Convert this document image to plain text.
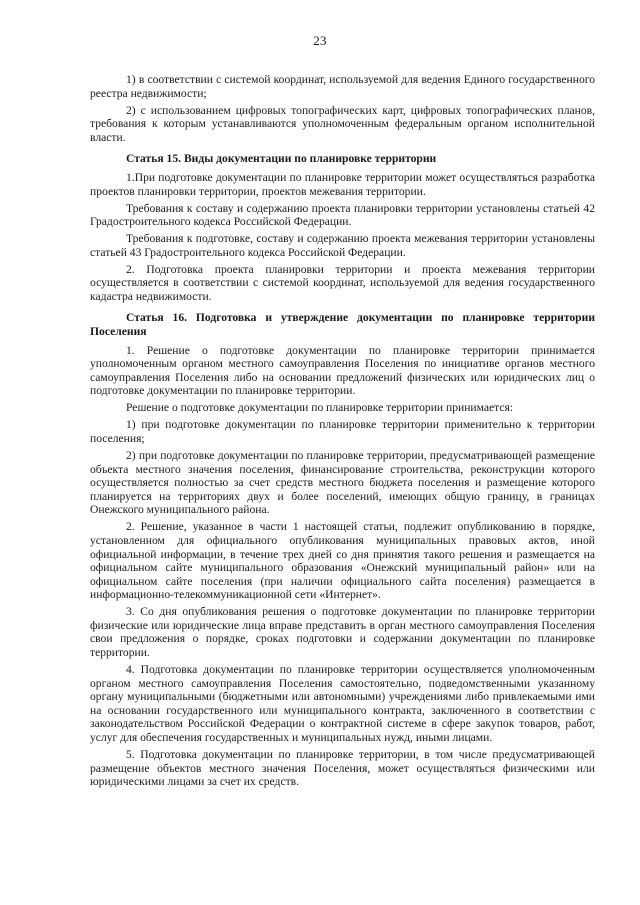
23

1) в соответствии с системой координат, используемой для ведения Единого государственного реестра недвижимости;

2) с использованием цифровых топографических карт, цифровых топографических планов, требования к которым устанавливаются уполномоченным федеральным органом исполнительной власти.

Статья 15. Виды документации по планировке территории

1.При подготовке документации по планировке территории может осуществляться разработка проектов планировки территории, проектов межевания территории.

Требования к составу и содержанию проекта планировки территории установлены статьей 42 Градостроительного кодекса Российской Федерации.

Требования к подготовке, составу и содержанию проекта межевания территории установлены статьей 43 Градостроительного кодекса Российской Федерации.

2. Подготовка проекта планировки территории и проекта межевания территории осуществляется в соответствии с системой координат, используемой для ведения государственного кадастра недвижимости.

Статья 16. Подготовка и утверждение документации по планировке территории Поселения

1. Решение о подготовке документации по планировке территории принимается уполномоченным органом местного самоуправления Поселения по инициативе органов местного самоуправления Поселения либо на основании предложений физических или юридических лиц о подготовке документации по планировке территории.

Решение о подготовке документации по планировке территории принимается:

1) при подготовке документации по планировке территории применительно к территории поселения;

2) при подготовке документации по планировке территории, предусматривающей размещение объекта местного значения поселения, финансирование строительства, реконструкции которого осуществляется полностью за счет средств местного бюджета поселения и размещение которого планируется на территориях двух и более поселений, имеющих общую границу, в границах Онежского муниципального района.

2. Решение, указанное в части 1 настоящей статьи, подлежит опубликованию в порядке, установленном для официального опубликования муниципальных правовых актов, иной официальной информации, в течение трех дней со дня принятия такого решения и размещается на официальном сайте муниципального образования «Онежский муниципальный район» или на официальном сайте поселения (при наличии официального сайта поселения) размещается в информационно-телекоммуникационной сети «Интернет».

3. Со дня опубликования решения о подготовке документации по планировке территории физические или юридические лица вправе представить в орган местного самоуправления Поселения свои предложения о порядке, сроках подготовки и содержании документации по планировке территории.

4. Подготовка документации по планировке территории осуществляется уполномоченным органом местного самоуправления Поселения самостоятельно, подведомственными указанному органу муниципальными (бюджетными или автономными) учреждениями либо привлекаемыми ими на основании государственного или муниципального контракта, заключенного в соответствии с законодательством Российской Федерации о контрактной системе в сфере закупок товаров, работ, услуг для обеспечения государственных и муниципальных нужд, иными лицами.

5. Подготовка документации по планировке территории, в том числе предусматривающей размещение объектов местного значения Поселения, может осуществляться физическими или юридическими лицами за счет их средств.
